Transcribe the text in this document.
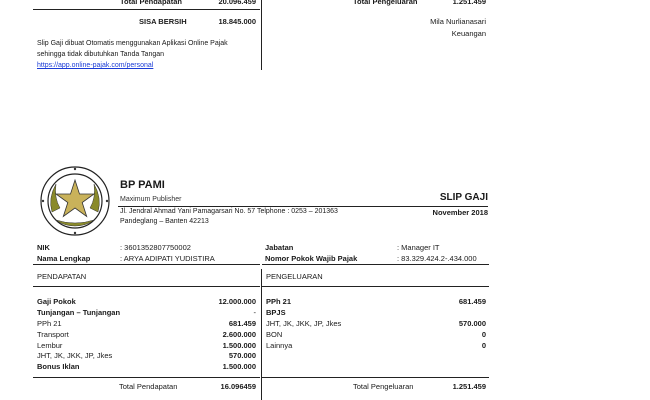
Total Pendapatan	20.096.459	Total Pengeluaran	1.251.459
SISA BERSIH	18.845.000
Slip Gaji dibuat Otomatis menggunakan Aplikasi Online Pajak
sehingga tidak dibutuhkan Tanda Tangan
https://app.online-pajak.com/personal
Mila Nurlianasari
Keuangan
BP PAMI
Maximum Publisher
Jl. Jendral Ahmad Yani Pamagarsari No. 57 Telphone : 0253 – 201363
Pandeglang – Banten 42213
SLIP GAJI
November 2018
NIK	: 3601352807750002
Nama Lengkap	: ARYA ADIPATI YUDISTIRA
Jabatan	: Manager IT
Nomor Pokok Wajib Pajak	: 83.329.424.2-.434.000
PENDAPATAN
Gaji Pokok	12.000.000
Tunjangan – Tunjangan	-
PPh 21	681.459
Transport	2.600.000
Lembur	1.500.000
JHT, JK, JKK, JP, Jkes	570.000
Bonus Iklan	1.500.000
Total Pendapatan	16.096459
PENGELUARAN
PPh 21	681.459
BPJS
JHT, JK, JKK, JP, Jkes	570.000
BON	0
Lainnya	0
Total Pengeluaran	1.251.459
